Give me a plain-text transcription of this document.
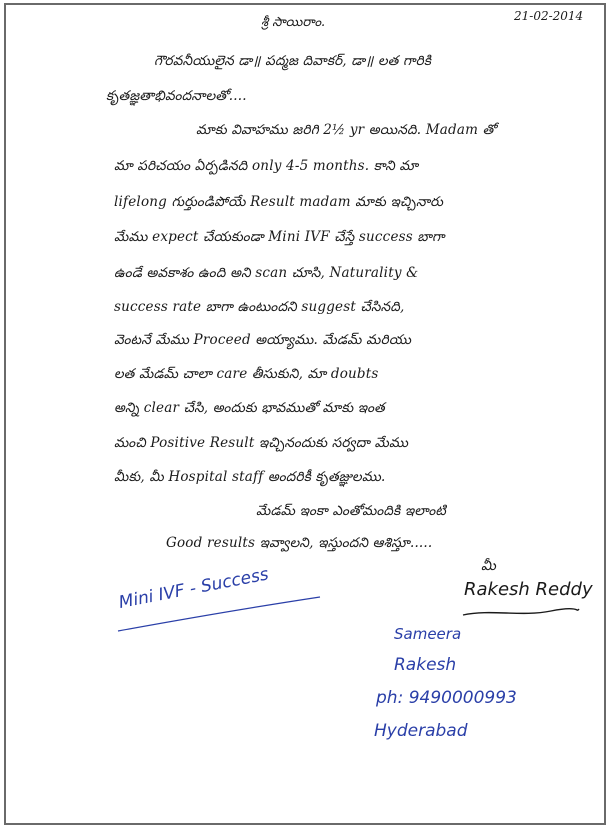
శ్రీ సాయిరాం.	21-02-2014
గౌరవనీయులైన డా॥ పద్మజ దివాకర్, డా॥ లత గారికి
కృతజ్ఞతాభివందనాలతో....
మాకు వివాహము జరిగి 2½ yr అయినది. Madam తో
మా పరిచయం ఏర్పడినది only 4-5 months. కాని మా
lifelong గుర్తుండిపోయే Result madam మాకు ఇచ్చినారు
మేము expect చేయకుండా Mini IVF చేస్తే success బాగా
ఉండే అవకాశం ఉంది అని scan చూసి, Naturality &
success rate బాగా ఉంటుందని suggest చేసినది,
వెంటనే మేము Proceed అయ్యాము. మేడమ్ మరియు
లత మేడమ్ చాలా care తీసుకుని, మా doubts
అన్ని clear చేసి, అందుకు భావముతో మాకు ఇంత
మంచి Positive Result ఇచ్చినందుకు సర్వదా మేము
మీకు, మీ Hospital staff అందరికీ కృతజ్ఞులము.
మేడమ్ ఇంకా ఎంతోమందికి ఇలాంటి
Good results ఇవ్వాలని, ఇస్తుందని ఆశిస్తూ.....
మీ
Rakesh Reddy
Mini IVF - Success
Sameera
Rakesh
ph: 9490000993
Hyderabad
